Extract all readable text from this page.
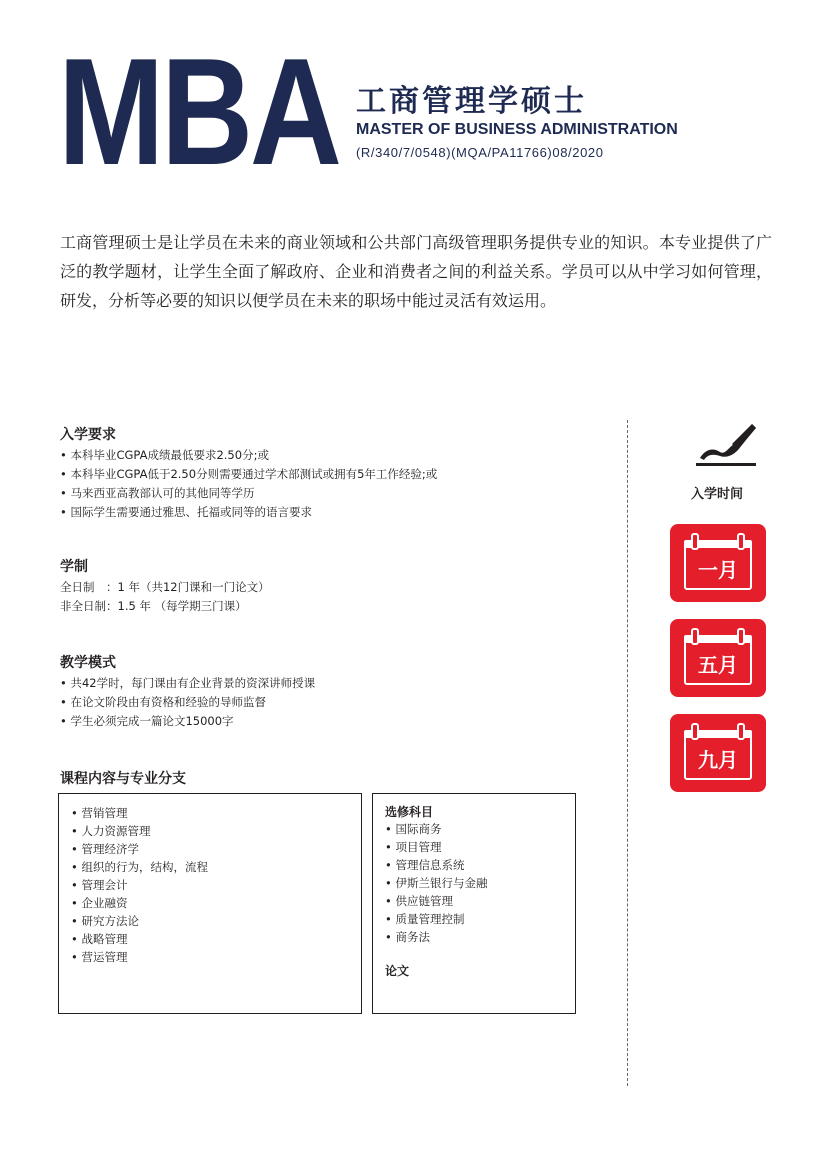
MBA 工商管理学硕士
MASTER OF BUSINESS ADMINISTRATION
(R/340/7/0548)(MQA/PA11766)08/2020
工商管理硕士是让学员在未来的商业领域和公共部门高级管理职务提供专业的知识。本专业提供了广泛的教学题材，让学生全面了解政府、企业和消费者之间的利益关系。学员可以从中学习如何管理，研发，分析等必要的知识以便学员在未来的职场中能过灵活有效运用。
入学要求
• 本科毕业CGPA成绩最低要求2.50分;或
• 本科毕业CGPA低于2.50分则需要通过学术部测试或拥有5年工作经验;或
• 马来西亚高教部认可的其他同等学历
• 国际学生需要通过雅思、托福或同等的语言要求
学制
全日制　：1 年（共12门课和一门论文）
非全日制：1.5 年 （每学期三门课）
教学模式
• 共42学时，每门课由有企业背景的资深讲师授课
• 在论文阶段由有资格和经验的导师监督
• 学生必须完成一篇论文15000字
课程内容与专业分支
• 营销管理
• 人力资源管理
• 管理经济学
• 组织的行为，结构，流程
• 管理会计
• 企业融资
• 研究方法论
• 战略管理
• 营运管理
选修科目
• 国际商务
• 项目管理
• 管理信息系统
• 伊斯兰银行与金融
• 供应链管理
• 质量管理控制
• 商务法
论文
入学时间
一月
五月
九月
